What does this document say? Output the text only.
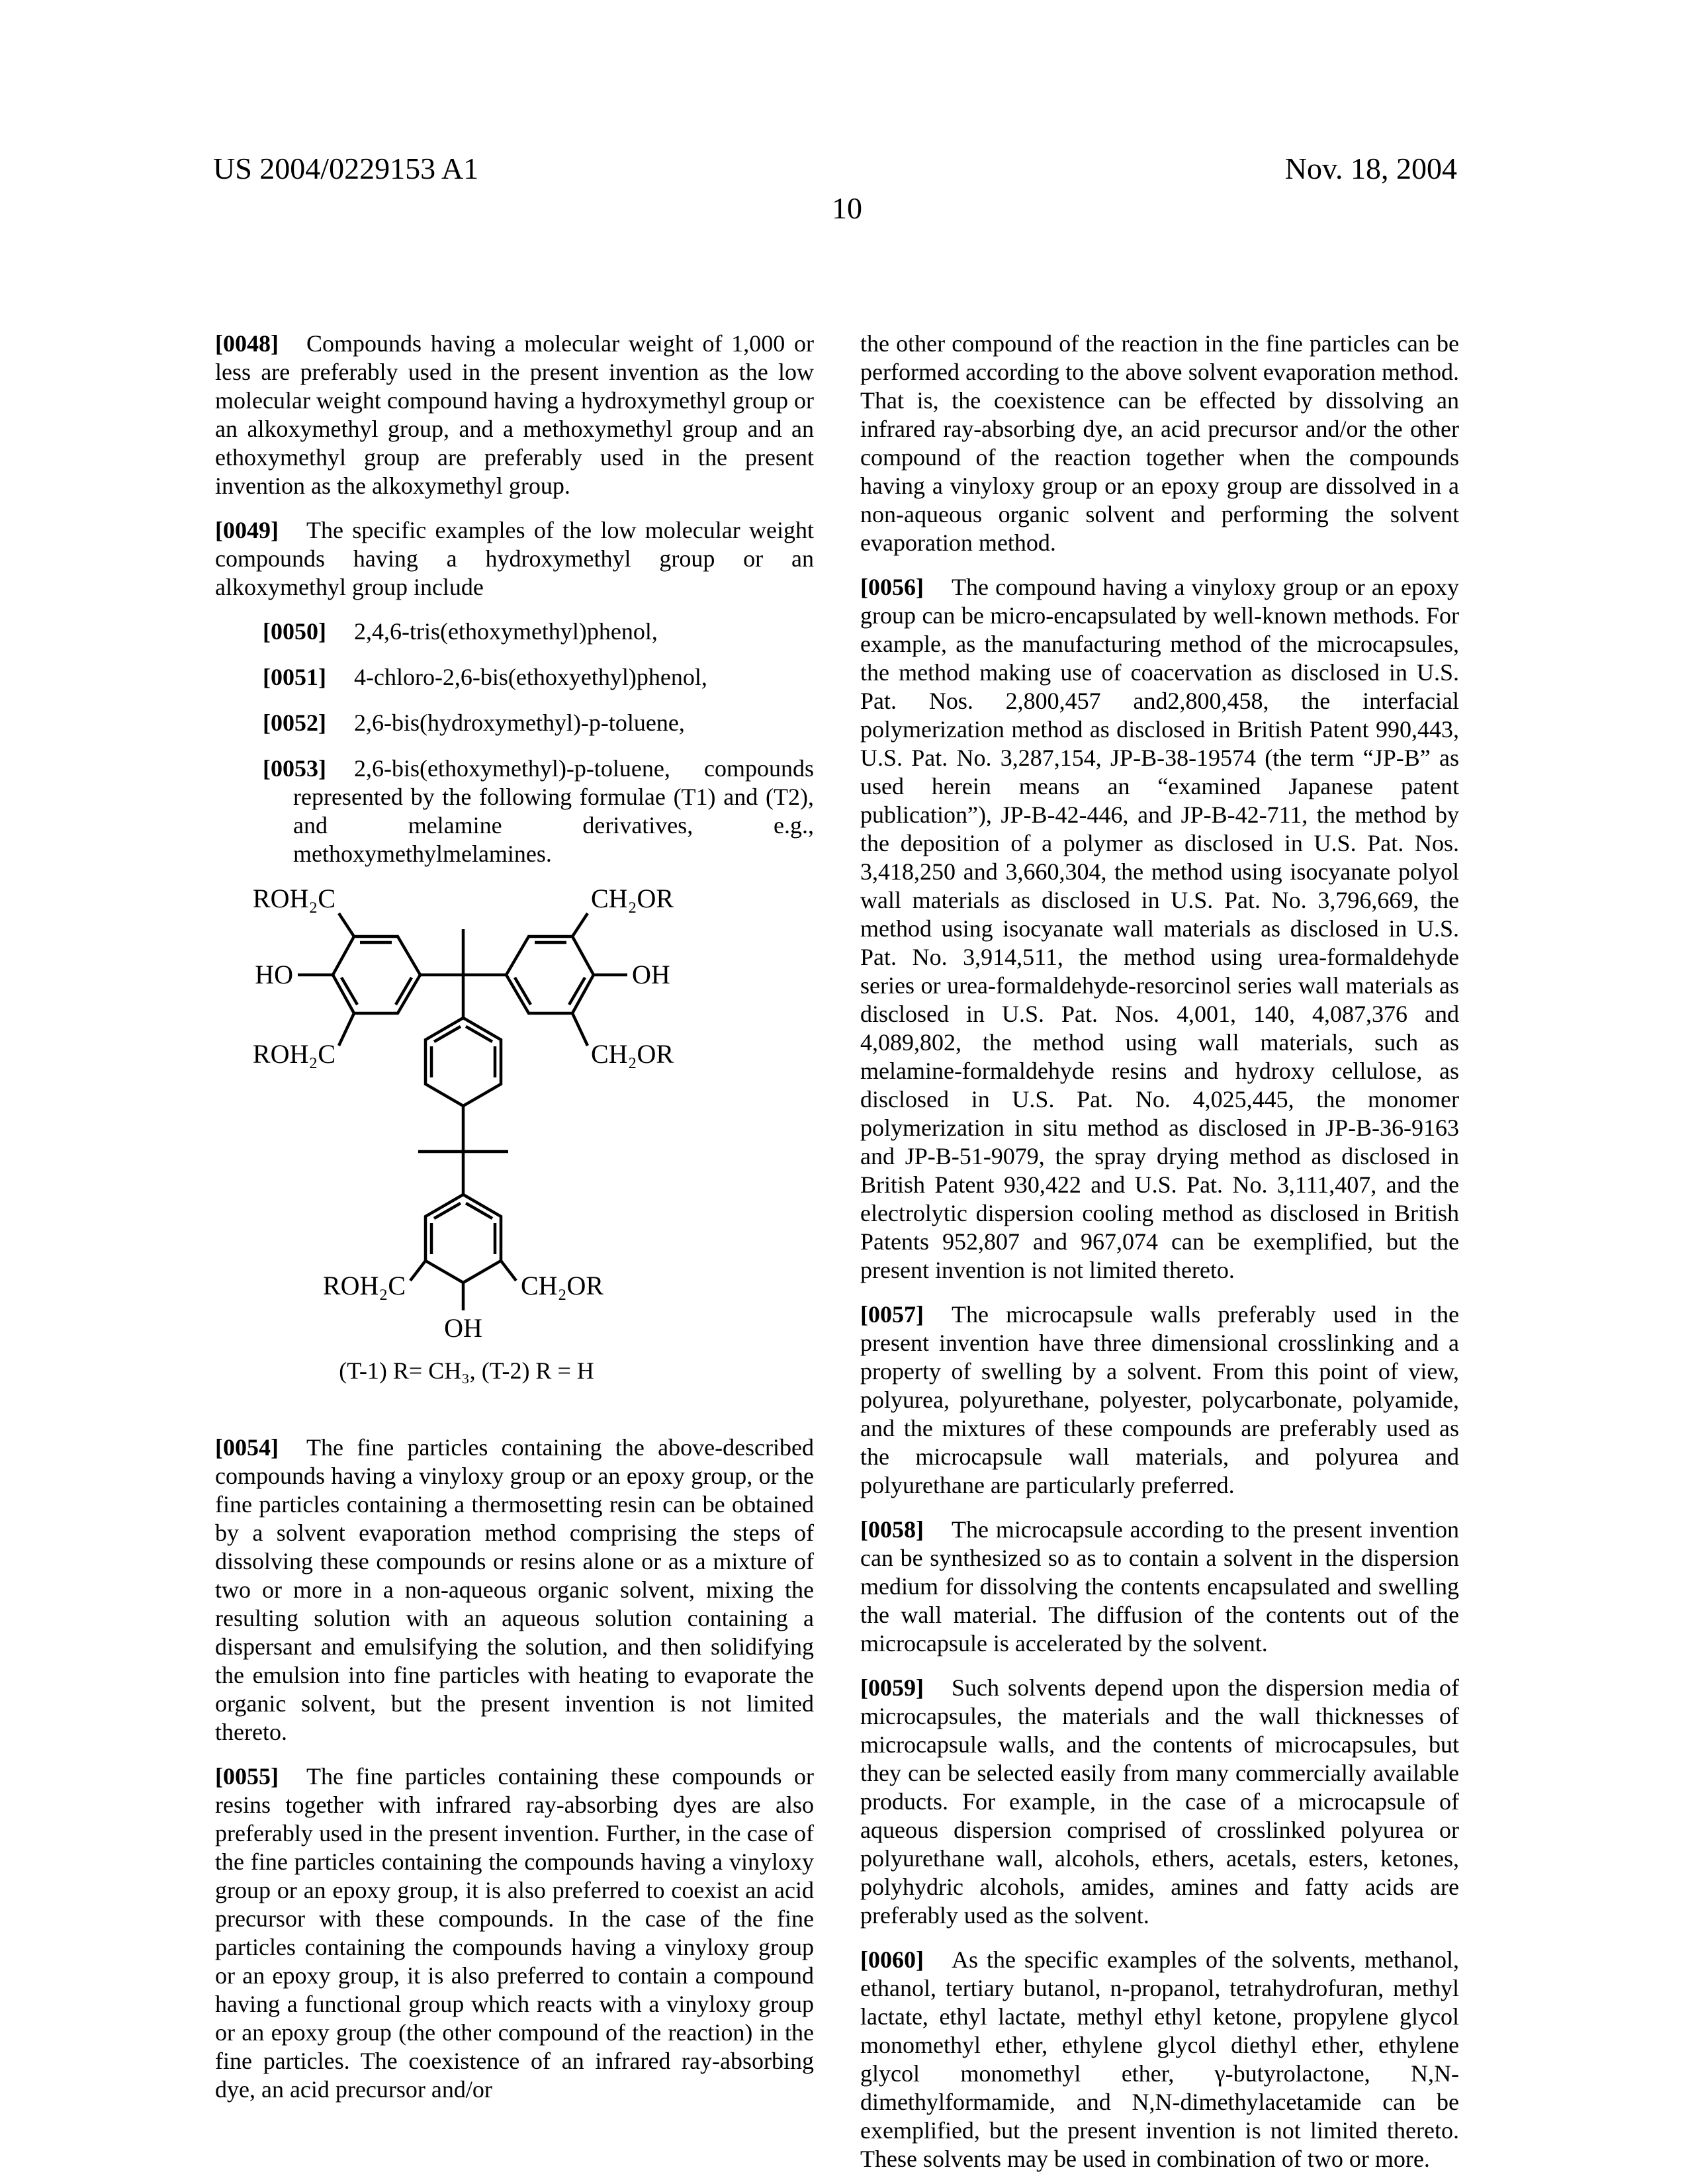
US 2004/0229153 A1	Nov. 18, 2004
10

[0048] Compounds having a molecular weight of 1,000 or less are preferably used in the present invention as the low molecular weight compound having a hydroxymethyl group or an alkoxymethyl group, and a methoxymethyl group and an ethoxymethyl group are preferably used in the present invention as the alkoxymethyl group.

[0049] The specific examples of the low molecular weight compounds having a hydroxymethyl group or an alkoxymethyl group include

[0050] 2,4,6-tris(ethoxymethyl)phenol,

[0051] 4-chloro-2,6-bis(ethoxyethyl)phenol,

[0052] 2,6-bis(hydroxymethyl)-p-toluene,

[0053] 2,6-bis(ethoxymethyl)-p-toluene, compounds represented by the following formulae (T1) and (T2), and melamine derivatives, e.g., methoxymethylmelamines.

ROH₂C
HO
ROH₂C
CH₂OR
OH
CH₂OR
ROH₂C	CH₂OR
OH
(T-1) R= CH₃, (T-2) R = H

[0054] The fine particles containing the above-described compounds having a vinyloxy group or an epoxy group, or the fine particles containing a thermosetting resin can be obtained by a solvent evaporation method comprising the steps of dissolving these compounds or resins alone or as a mixture of two or more in a non-aqueous organic solvent, mixing the resulting solution with an aqueous solution containing a dispersant and emulsifying the solution, and then solidifying the emulsion into fine particles with heating to evaporate the organic solvent, but the present invention is not limited thereto.

[0055] The fine particles containing these compounds or resins together with infrared ray-absorbing dyes are also preferably used in the present invention. Further, in the case of the fine particles containing the compounds having a vinyloxy group or an epoxy group, it is also preferred to coexist an acid precursor with these compounds. In the case of the fine particles containing the compounds having a vinyloxy group or an epoxy group, it is also preferred to contain a compound having a functional group which reacts with a vinyloxy group or an epoxy group (the other compound of the reaction) in the fine particles. The coexistence of an infrared ray-absorbing dye, an acid precursor and/or

the other compound of the reaction in the fine particles can be performed according to the above solvent evaporation method. That is, the coexistence can be effected by dissolving an infrared ray-absorbing dye, an acid precursor and/or the other compound of the reaction together when the compounds having a vinyloxy group or an epoxy group are dissolved in a non-aqueous organic solvent and performing the solvent evaporation method.

[0056] The compound having a vinyloxy group or an epoxy group can be micro-encapsulated by well-known methods. For example, as the manufacturing method of the microcapsules, the method making use of coacervation as disclosed in U.S. Pat. Nos. 2,800,457 and2,800,458, the interfacial polymerization method as disclosed in British Patent 990,443, U.S. Pat. No. 3,287,154, JP-B-38-19574 (the term “JP-B” as used herein means an “examined Japanese patent publication”), JP-B-42-446, and JP-B-42-711, the method by the deposition of a polymer as disclosed in U.S. Pat. Nos. 3,418,250 and 3,660,304, the method using isocyanate polyol wall materials as disclosed in U.S. Pat. No. 3,796,669, the method using isocyanate wall materials as disclosed in U.S. Pat. No. 3,914,511, the method using urea-formaldehyde series or urea-formaldehyde-resorcinol series wall materials as disclosed in U.S. Pat. Nos. 4,001, 140, 4,087,376 and 4,089,802, the method using wall materials, such as melamine-formaldehyde resins and hydroxy cellulose, as disclosed in U.S. Pat. No. 4,025,445, the monomer polymerization in situ method as disclosed in JP-B-36-9163 and JP-B-51-9079, the spray drying method as disclosed in British Patent 930,422 and U.S. Pat. No. 3,111,407, and the electrolytic dispersion cooling method as disclosed in British Patents 952,807 and 967,074 can be exemplified, but the present invention is not limited thereto.

[0057] The microcapsule walls preferably used in the present invention have three dimensional crosslinking and a property of swelling by a solvent. From this point of view, polyurea, polyurethane, polyester, polycarbonate, polyamide, and the mixtures of these compounds are preferably used as the microcapsule wall materials, and polyurea and polyurethane are particularly preferred.

[0058] The microcapsule according to the present invention can be synthesized so as to contain a solvent in the dispersion medium for dissolving the contents encapsulated and swelling the wall material. The diffusion of the contents out of the microcapsule is accelerated by the solvent.

[0059] Such solvents depend upon the dispersion media of microcapsules, the materials and the wall thicknesses of microcapsule walls, and the contents of microcapsules, but they can be selected easily from many commercially available products. For example, in the case of a microcapsule of aqueous dispersion comprised of crosslinked polyurea or polyurethane wall, alcohols, ethers, acetals, esters, ketones, polyhydric alcohols, amides, amines and fatty acids are preferably used as the solvent.

[0060] As the specific examples of the solvents, methanol, ethanol, tertiary butanol, n-propanol, tetrahydrofuran, methyl lactate, ethyl lactate, methyl ethyl ketone, propylene glycol monomethyl ether, ethylene glycol diethyl ether, ethylene glycol monomethyl ether, γ-butyrolactone, N,N-dimethylformamide, and N,N-dimethylacetamide can be exemplified, but the present invention is not limited thereto. These solvents may be used in combination of two or more.
